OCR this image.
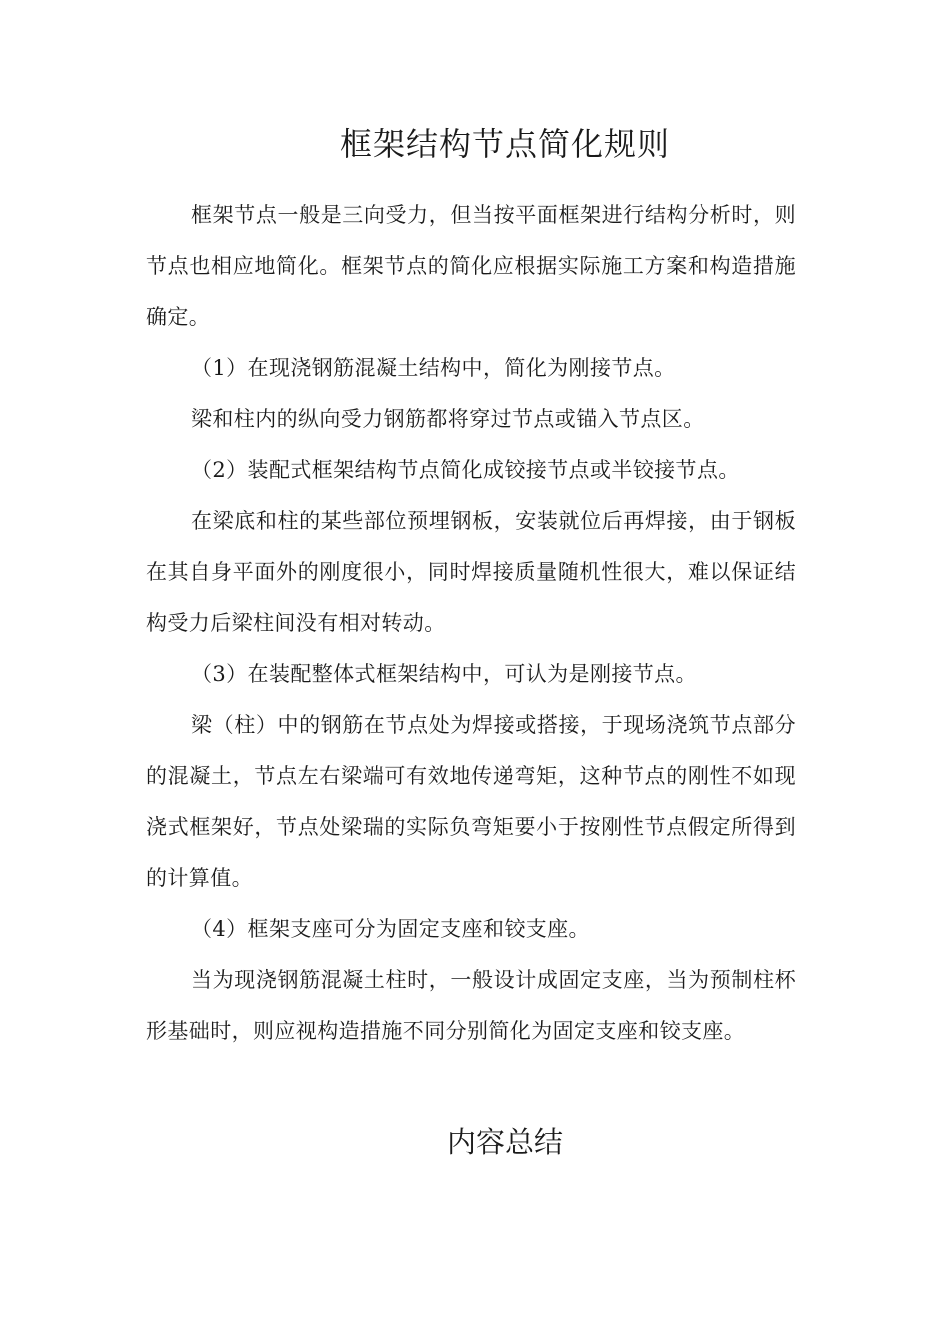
框架结构节点简化规则

框架节点一般是三向受力，但当按平面框架进行结构分析时，则节点也相应地简化。框架节点的简化应根据实际施工方案和构造措施确定。

（1）在现浇钢筋混凝土结构中，简化为刚接节点。

梁和柱内的纵向受力钢筋都将穿过节点或锚入节点区。

（2）装配式框架结构节点简化成铰接节点或半铰接节点。

在梁底和柱的某些部位预埋钢板，安装就位后再焊接，由于钢板在其自身平面外的刚度很小，同时焊接质量随机性很大，难以保证结构受力后梁柱间没有相对转动。

（3）在装配整体式框架结构中，可认为是刚接节点。

梁（柱）中的钢筋在节点处为焊接或搭接，于现场浇筑节点部分的混凝土，节点左右梁端可有效地传递弯矩，这种节点的刚性不如现浇式框架好，节点处梁瑞的实际负弯矩要小于按刚性节点假定所得到的计算值。

（4）框架支座可分为固定支座和铰支座。

当为现浇钢筋混凝土柱时，一般设计成固定支座，当为预制柱杯形基础时，则应视构造措施不同分别简化为固定支座和铰支座。

内容总结
